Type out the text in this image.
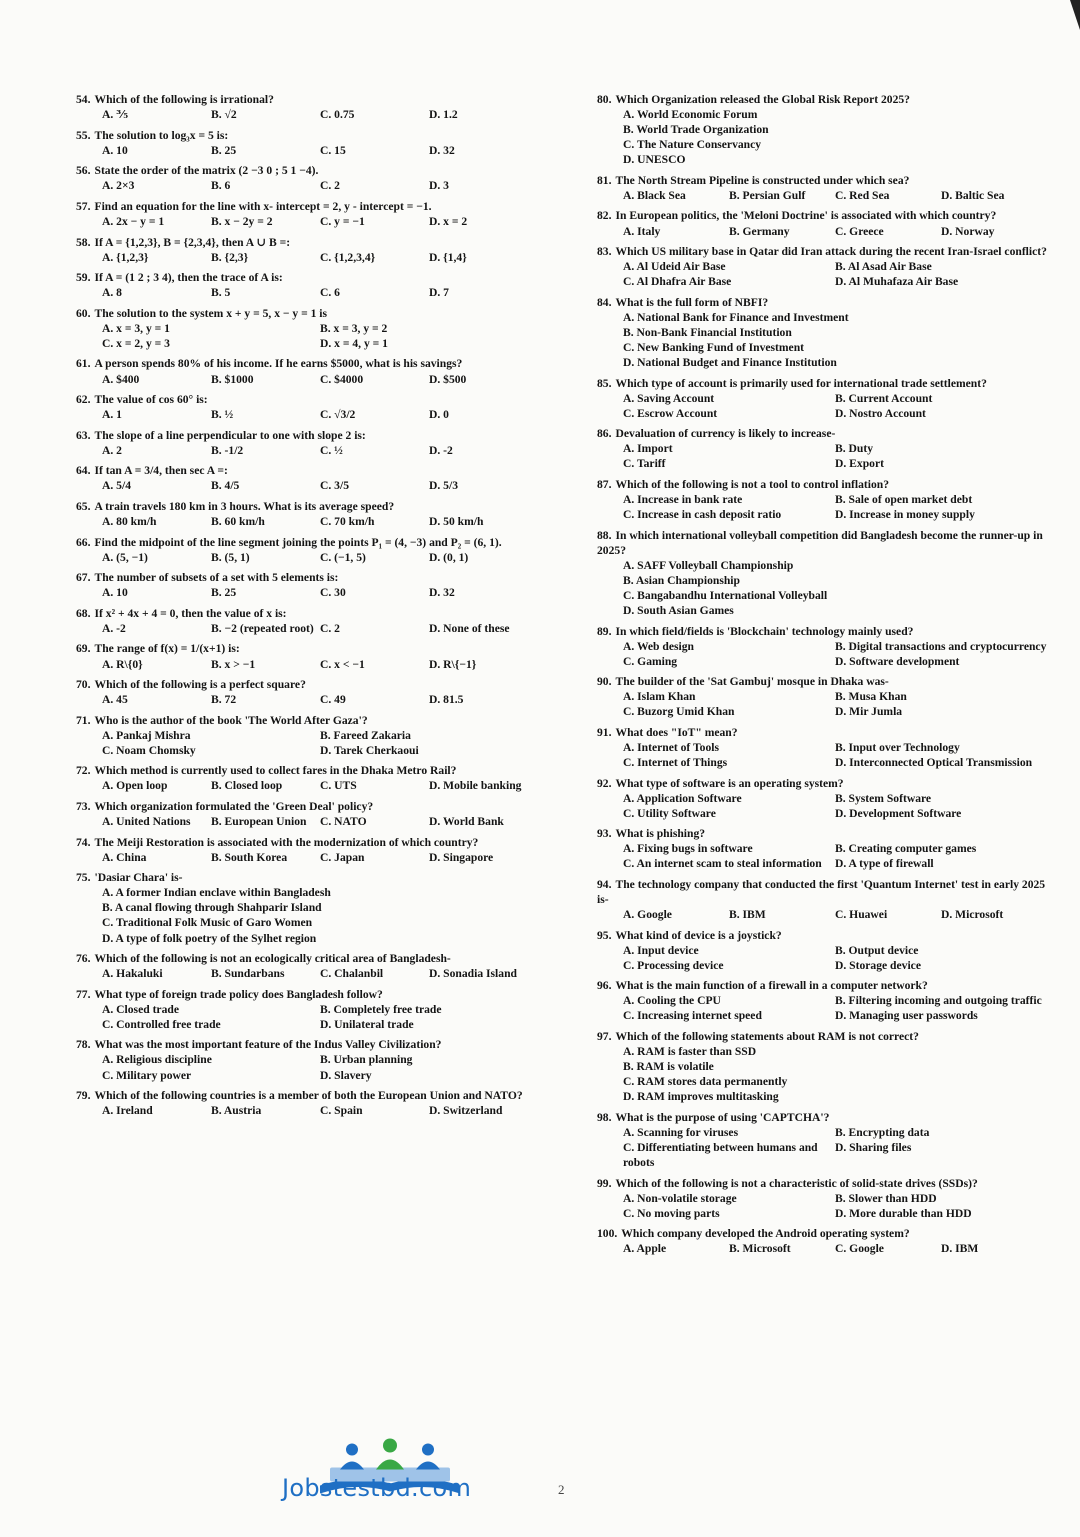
54. Which of the following is irrational?
A. ⅗	B. √2	C. 0.75	D. 1.2
55. The solution to log₃x = 5 is:
A. 10	B. 25	C. 15	D. 32
56. State the order of the matrix (2 −3 0 ; 5 1 −4).
A. 2×3	B. 6	C. 2	D. 3
57. Find an equation for the line with x- intercept = 2, y - intercept = −1.
A. 2x − y = 1	B. x − 2y = 2	C. y = −1	D. x = 2
58. If A = {1,2,3}, B = {2,3,4}, then A ∪ B =:
A. {1,2,3}	B. {2,3}	C. {1,2,3,4}	D. {1,4}
59. If A = (1 2 ; 3 4), then the trace of A is:
A. 8	B. 5	C. 6	D. 7
60. The solution to the system x + y = 5, x − y = 1 is
A. x = 3, y = 1	B. x = 3, y = 2
C. x = 2, y = 3	D. x = 4, y = 1
61. A person spends 80% of his income. If he earns $5000, what is his savings?
A. $400	B. $1000	C. $4000	D. $500
62. The value of cos 60° is:
A. 1	B. ½	C. √3/2	D. 0
63. The slope of a line perpendicular to one with slope 2 is:
A. 2	B. -1/2	C. ½	D. -2
64. If tan A = 3/4, then sec A =:
A. 5/4	B. 4/5	C. 3/5	D. 5/3
65. A train travels 180 km in 3 hours. What is its average speed?
A. 80 km/h	B. 60 km/h	C. 70 km/h	D. 50 km/h
66. Find the midpoint of the line segment joining the points P₁ = (4, −3) and P₂ = (6, 1).
A. (5, −1)	B. (5, 1)	C. (−1, 5)	D. (0, 1)
67. The number of subsets of a set with 5 elements is:
A. 10	B. 25	C. 30	D. 32
68. If x² + 4x + 4 = 0, then the value of x is:
A. -2	B. −2 (repeated root) C. 2	D. None of these
69. The range of f(x) = 1/(x+1) is:
A. R\{0}	B. x > −1	C. x < −1	D. R\{−1}
70. Which of the following is a perfect square?
A. 45	B. 72	C. 49	D. 81.5
71. Who is the author of the book 'The World After Gaza'?
A. Pankaj Mishra	B. Fareed Zakaria
C. Noam Chomsky	D. Tarek Cherkaoui
72. Which method is currently used to collect fares in the Dhaka Metro Rail?
A. Open loop	B. Closed loop	C. UTS	D. Mobile banking
73. Which organization formulated the 'Green Deal' policy?
A. United Nations	B. European Union	C. NATO	D. World Bank
74. The Meiji Restoration is associated with the modernization of which country?
A. China	B. South Korea	C. Japan	D. Singapore
75. 'Dasiar Chara' is-
A. A former Indian enclave within Bangladesh
B. A canal flowing through Shahparir Island
C. Traditional Folk Music of Garo Women
D. A type of folk poetry of the Sylhet region
76. Which of the following is not an ecologically critical area of Bangladesh-
A. Hakaluki	B. Sundarbans	C. Chalanbil	D. Sonadia Island
77. What type of foreign trade policy does Bangladesh follow?
A. Closed trade	B. Completely free trade
C. Controlled free trade	D. Unilateral trade
78. What was the most important feature of the Indus Valley Civilization?
A. Religious discipline	B. Urban planning
C. Military power	D. Slavery
79. Which of the following countries is a member of both the European Union and NATO?
A. Ireland	B. Austria	C. Spain	D. Switzerland
80. Which Organization released the Global Risk Report 2025?
A. World Economic Forum
B. World Trade Organization
C. The Nature Conservancy
D. UNESCO
81. The North Stream Pipeline is constructed under which sea?
A. Black Sea	B. Persian Gulf	C. Red Sea	D. Baltic Sea
82. In European politics, the 'Meloni Doctrine' is associated with which country?
A. Italy	B. Germany	C. Greece	D. Norway
83. Which US military base in Qatar did Iran attack during the recent Iran-Israel conflict?
A. Al Udeid Air Base	B. Al Asad Air Base
C. Al Dhafra Air Base	D. Al Muhafaza Air Base
84. What is the full form of NBFI?
A. National Bank for Finance and Investment
B. Non-Bank Financial Institution
C. New Banking Fund of Investment
D. National Budget and Finance Institution
85. Which type of account is primarily used for international trade settlement?
A. Saving Account	B. Current Account
C. Escrow Account	D. Nostro Account
86. Devaluation of currency is likely to increase-
A. Import	B. Duty
C. Tariff	D. Export
87. Which of the following is not a tool to control inflation?
A. Increase in bank rate	B. Sale of open market debt
C. Increase in cash deposit ratio	D. Increase in money supply
88. In which international volleyball competition did Bangladesh become the runner-up in 2025?
A. SAFF Volleyball Championship
B. Asian Championship
C. Bangabandhu International Volleyball
D. South Asian Games
89. In which field/fields is 'Blockchain' technology mainly used?
A. Web design	B. Digital transactions and cryptocurrency
C. Gaming	D. Software development
90. The builder of the 'Sat Gambuj' mosque in Dhaka was-
A. Islam Khan	B. Musa Khan
C. Buzorg Umid Khan	D. Mir Jumla
91. What does "IoT" mean?
A. Internet of Tools	B. Input over Technology
C. Internet of Things	D. Interconnected Optical Transmission
92. What type of software is an operating system?
A. Application Software	B. System Software
C. Utility Software	D. Development Software
93. What is phishing?
A. Fixing bugs in software	B. Creating computer games
C. An internet scam to steal information	D. A type of firewall
94. The technology company that conducted the first 'Quantum Internet' test in early 2025 is-
A. Google	B. IBM	C. Huawei	D. Microsoft
95. What kind of device is a joystick?
A. Input device	B. Output device
C. Processing device	D. Storage device
96. What is the main function of a firewall in a computer network?
A. Cooling the CPU	B. Filtering incoming and outgoing traffic
C. Increasing internet speed	D. Managing user passwords
97. Which of the following statements about RAM is not correct?
A. RAM is faster than SSD
B. RAM is volatile
C. RAM stores data permanently
D. RAM improves multitasking
98. What is the purpose of using 'CAPTCHA'?
A. Scanning for viruses	B. Encrypting data
C. Differentiating between humans and robots
D. Sharing files
99. Which of the following is not a characteristic of solid-state drives (SSDs)?
A. Non-volatile storage	B. Slower than HDD
C. No moving parts	D. More durable than HDD
100. Which company developed the Android operating system?
A. Apple	B. Microsoft	C. Google	D. IBM
Jobstestbd.com	2
